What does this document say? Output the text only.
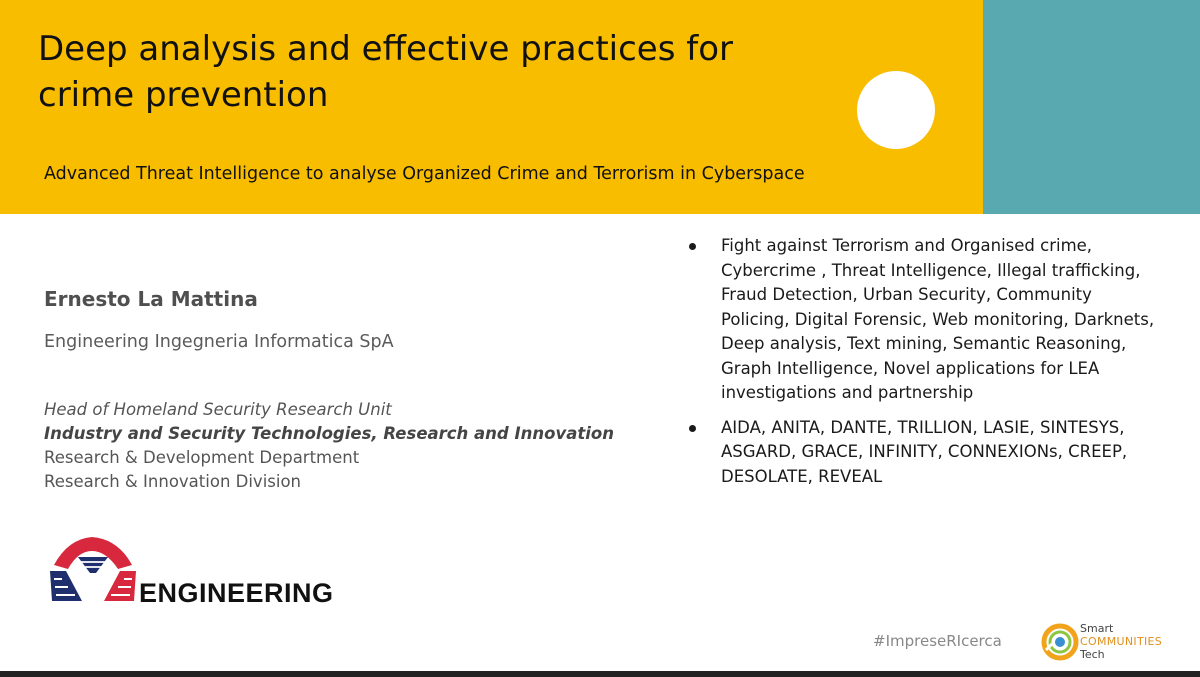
Deep analysis and effective practices for crime prevention

Advanced Threat Intelligence to analyse Organized Crime and Terrorism in Cyberspace

Ernesto La Mattina

Engineering Ingegneria Informatica SpA

Head of Homeland Security Research Unit
Industry and Security Technologies, Research and Innovation
Research & Development Department
Research & Innovation Division

ENGINEERING

Fight against Terrorism and Organised crime, Cybercrime , Threat Intelligence, Illegal trafficking, Fraud Detection, Urban Security, Community Policing, Digital Forensic, Web monitoring, Darknets, Deep analysis, Text mining, Semantic Reasoning, Graph Intelligence, Novel applications for LEA investigations and partnership
AIDA, ANITA, DANTE, TRILLION, LASIE, SINTESYS, ASGARD, GRACE, INFINITY, CONNEXIONs, CREEP, DESOLATE, REVEAL

#ImpreseRIcerca

Smart
COMMUNITIES
Tech
